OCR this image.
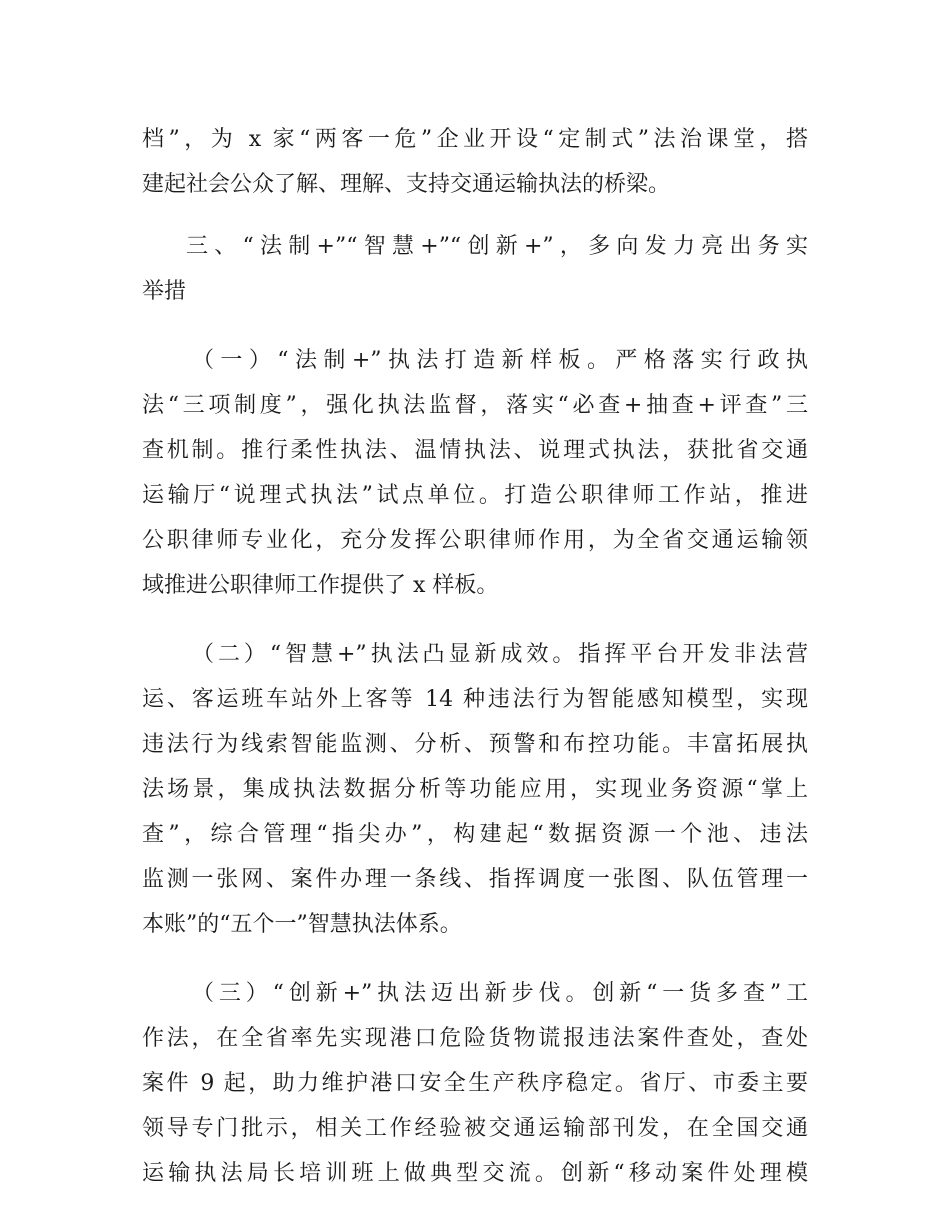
档”，为 x 家“两客一危”企业开设“定制式”法治课堂，搭
建起社会公众了解、理解、支持交通运输执法的桥梁。
三、“法制+”“智慧+”“创新+”，多向发力亮出务实
举措
（一）“法制+”执法打造新样板。严格落实行政执
法“三项制度”，强化执法监督，落实“必查+抽查+评查”三
查机制。推行柔性执法、温情执法、说理式执法，获批省交通
运输厅“说理式执法”试点单位。打造公职律师工作站，推进
公职律师专业化，充分发挥公职律师作用，为全省交通运输领
域推进公职律师工作提供了 x 样板。
（二）“智慧+”执法凸显新成效。指挥平台开发非法营
运、客运班车站外上客等 14 种违法行为智能感知模型，实现
违法行为线索智能监测、分析、预警和布控功能。丰富拓展执
法场景，集成执法数据分析等功能应用，实现业务资源“掌上
查”，综合管理“指尖办”，构建起“数据资源一个池、违法
监测一张网、案件办理一条线、指挥调度一张图、队伍管理一
本账”的“五个一”智慧执法体系。
（三）“创新+”执法迈出新步伐。创新“一货多查”工
作法，在全省率先实现港口危险货物谎报违法案件查处，查处
案件 9 起，助力维护港口安全生产秩序稳定。省厅、市委主要
领导专门批示，相关工作经验被交通运输部刊发，在全国交通
运输执法局长培训班上做典型交流。创新“移动案件处理模
